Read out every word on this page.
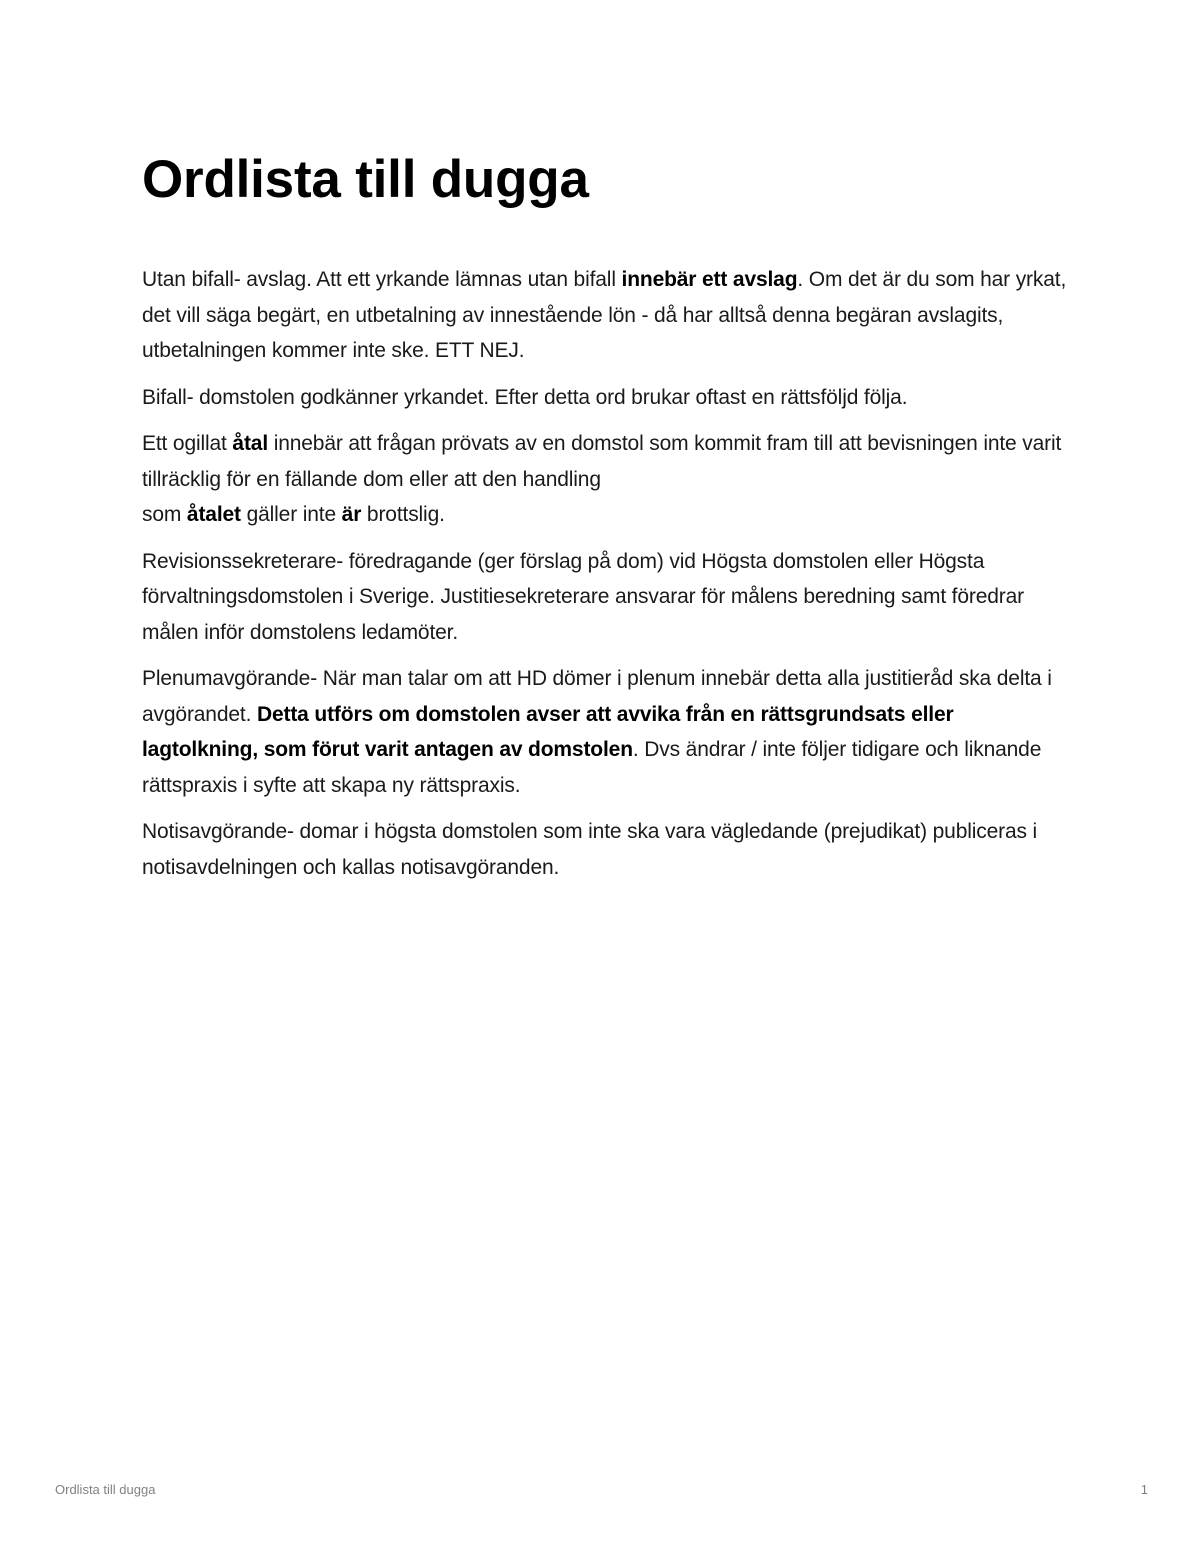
Ordlista till dugga

Utan bifall- avslag. Att ett yrkande lämnas utan bifall innebär ett avslag. Om det är du som har yrkat, det vill säga begärt, en utbetalning av innestående lön - då har alltså denna begäran avslagits, utbetalningen kommer inte ske. ETT NEJ.

Bifall- domstolen godkänner yrkandet. Efter detta ord brukar oftast en rättsföljd följa.

Ett ogillat åtal innebär att frågan prövats av en domstol som kommit fram till att bevisningen inte varit tillräcklig för en fällande dom eller att den handling
som åtalet gäller inte är brottslig.

Revisionssekreterare- föredragande (ger förslag på dom) vid Högsta domstolen eller Högsta förvaltningsdomstolen i Sverige. Justitiesekreterare ansvarar för målens beredning samt föredrar målen inför domstolens ledamöter.

Plenumavgörande- När man talar om att HD dömer i plenum innebär detta alla justitieråd ska delta i avgörandet. Detta utförs om domstolen avser att avvika från en rättsgrundsats eller lagtolkning, som förut varit antagen av domstolen. Dvs ändrar / inte följer tidigare och liknande rättspraxis i syfte att skapa ny rättspraxis.

Notisavgörande- domar i högsta domstolen som inte ska vara vägledande (prejudikat) publiceras i notisavdelningen och kallas notisavgöranden.

Ordlista till dugga	1
